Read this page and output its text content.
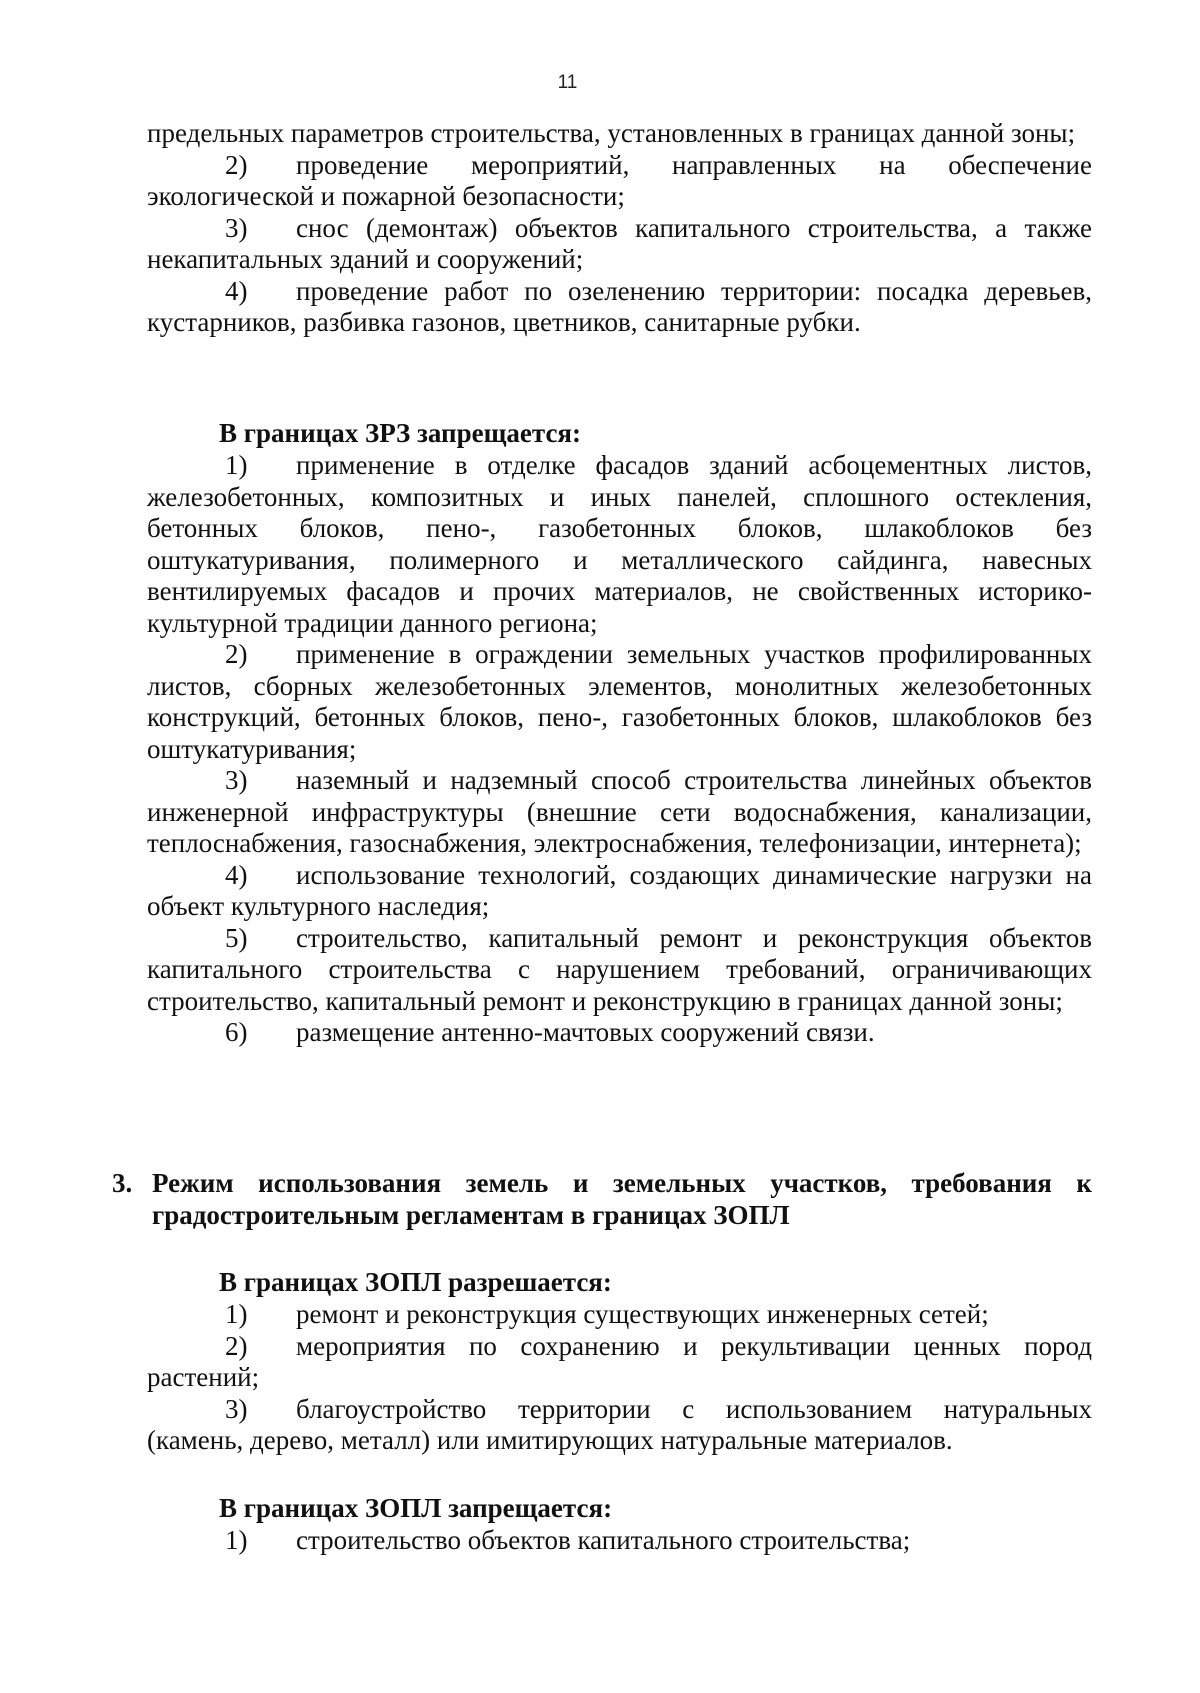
11
предельных параметров строительства, установленных в границах данной зоны;
2) проведение мероприятий, направленных на обеспечение экологической и пожарной безопасности;
3) снос (демонтаж) объектов капитального строительства, а также некапитальных зданий и сооружений;
4) проведение работ по озеленению территории: посадка деревьев, кустарников, разбивка газонов, цветников, санитарные рубки.
В границах ЗРЗ запрещается:
1) применение в отделке фасадов зданий асбоцементных листов, железобетонных, композитных и иных панелей, сплошного остекления, бетонных блоков, пено-, газобетонных блоков, шлакоблоков без оштукатуривания, полимерного и металлического сайдинга, навесных вентилируемых фасадов и прочих материалов, не свойственных историко-культурной традиции данного региона;
2) применение в ограждении земельных участков профилированных листов, сборных железобетонных элементов, монолитных железобетонных конструкций, бетонных блоков, пено-, газобетонных блоков, шлакоблоков без оштукатуривания;
3) наземный и надземный способ строительства линейных объектов инженерной инфраструктуры (внешние сети водоснабжения, канализации, теплоснабжения, газоснабжения, электроснабжения, телефонизации, интернета);
4) использование технологий, создающих динамические нагрузки на объект культурного наследия;
5) строительство, капитальный ремонт и реконструкция объектов капитального строительства с нарушением требований, ограничивающих строительство, капитальный ремонт и реконструкцию в границах данной зоны;
6) размещение антенно-мачтовых сооружений связи.
3. Режим использования земель и земельных участков, требования к градостроительным регламентам в границах ЗОПЛ
В границах ЗОПЛ разрешается:
1) ремонт и реконструкция существующих инженерных сетей;
2) мероприятия по сохранению и рекультивации ценных пород растений;
3) благоустройство территории с использованием натуральных (камень, дерево, металл) или имитирующих натуральные материалов.
В границах ЗОПЛ запрещается:
1) строительство объектов капитального строительства;
